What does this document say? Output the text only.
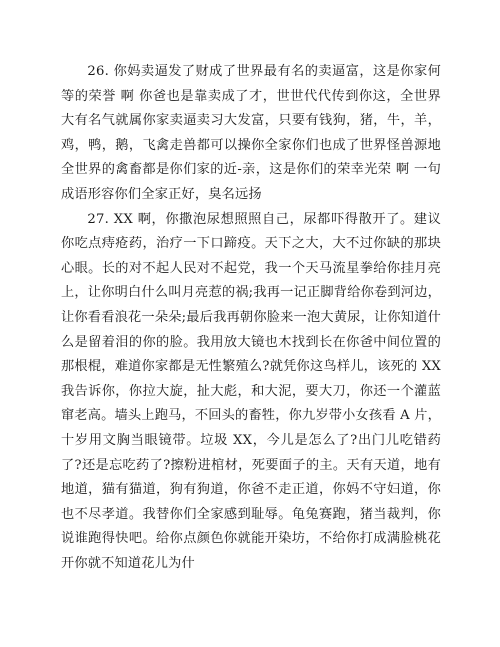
26. 你妈卖逼发了财成了世界最有名的卖逼富，这是你家何等的荣誉 啊 你爸也是靠卖成了才，世世代代传到你这，全世界大有名气就属你家卖逼卖习大发富，只要有钱狗，猪，牛，羊，鸡，鸭，鹅，飞禽走兽都可以操你全家你们也成了世界怪兽源地全世界的禽畜都是你们家的近-亲，这是你们的荣幸光荣 啊 一句成语形容你们全家正好，臭名远扬

27. XX 啊，你撒泡尿想照照自己，尿都吓得散开了。建议你吃点痔疮药，治疗一下口蹄疫。天下之大，大不过你缺的那块心眼。长的对不起人民对不起党，我一个天马流星拳给你挂月亮上，让你明白什么叫月亮惹的祸;我再一记正脚背给你卷到河边，让你看看浪花一朵朵;最后我再朝你脸来一泡大黄尿，让你知道什么是留着泪的你的脸。我用放大镜也木找到长在你爸中间位置的那根棍，难道你家都是无性繁殖么?就凭你这鸟样儿，该死的 XX 我告诉你，你拉大旋，扯大彪，和大泥，要大刀，你还一个灌蓝窜老高。墙头上跑马，不回头的畜牲，你九岁带小女孩看 A 片，十岁用文胸当眼镜带。垃圾 XX，今儿是怎么了?出门儿吃错药了?还是忘吃药了?擦粉进棺材，死要面子的主。天有天道，地有地道，猫有猫道，狗有狗道，你爸不走正道，你妈不守妇道，你也不尽孝道。我替你们全家感到耻辱。龟兔赛跑，猪当裁判，你说谁跑得快吧。给你点颜色你就能开染坊，不给你打成满脸桃花开你就不知道花儿为什
